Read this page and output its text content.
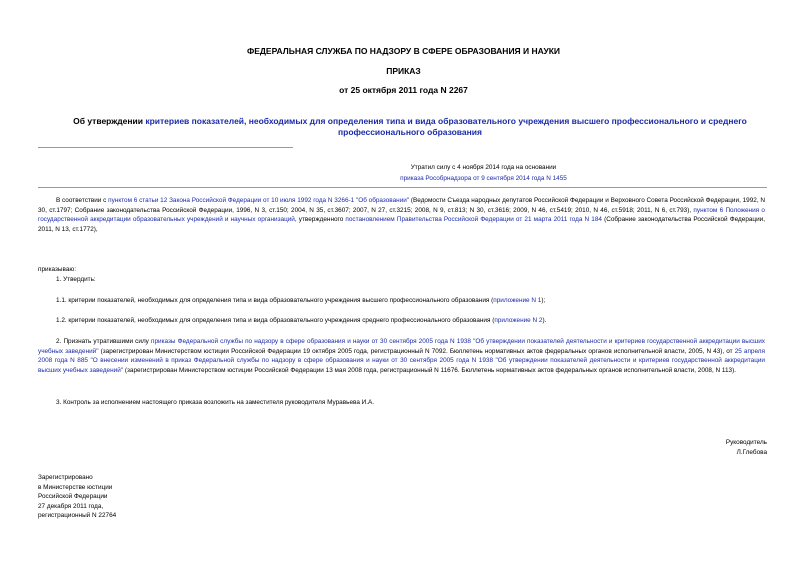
ФЕДЕРАЛЬНАЯ СЛУЖБА ПО НАДЗОРУ В СФЕРЕ ОБРАЗОВАНИЯ И НАУКИ
ПРИКАЗ
от 25 октября 2011 года N 2267
Об утверждении критериев показателей, необходимых для определения типа и вида образовательного учреждения высшего профессионального и среднего профессионального образования
Утратил силу с 4 ноября 2014 года на основании
приказа Рособрнадзора от 9 сентября 2014 года N 1455
В соответствии с пунктом 6 статьи 12 Закона Российской Федерации от 10 июля 1992 года N 3266-1 "Об образовании" (Ведомости Съезда народных депутатов Российской Федерации и Верховного Совета Российской Федерации, 1992, N 30, ст.1797; Собрание законодательства Российской Федерации, 1996, N 3, ст.150; 2004, N 35, ст.3607; 2007, N 27, ст.3215; 2008, N 9, ст.813; N 30, ст.3616; 2009, N 46, ст.5419; 2010, N 46, ст.5918; 2011, N 6, ст.793), пунктом 6 Положения о государственной аккредитации образовательных учреждений и научных организаций, утвержденного постановлением Правительства Российской Федерации от 21 марта 2011 года N 184 (Собрание законодательства Российской Федерации, 2011, N 13, ст.1772),
приказываю:
1. Утвердить:
1.1. критерии показателей, необходимых для определения типа и вида образовательного учреждения высшего профессионального образования (приложение N 1);
1.2. критерии показателей, необходимых для определения типа и вида образовательного учреждения среднего профессионального образования (приложение N 2).
2. Признать утратившими силу приказы Федеральной службы по надзору в сфере образования и науки от 30 сентября 2005 года N 1938 "Об утверждении показателей деятельности и критериев государственной аккредитации высших учебных заведений" (зарегистрирован Министерством юстиции Российской Федерации 19 октября 2005 года, регистрационный N 7092. Бюллетень нормативных актов федеральных органов исполнительной власти, 2005, N 43), от 25 апреля 2008 года N 885 "О внесении изменений в приказ Федеральной службы по надзору в сфере образования и науки от 30 сентября 2005 года N 1938 "Об утверждении показателей деятельности и критериев государственной аккредитации высших учебных заведений" (зарегистрирован Министерством юстиции Российской Федерации 13 мая 2008 года, регистрационный N 11676. Бюллетень нормативных актов федеральных органов исполнительной власти, 2008, N 113).
3. Контроль за исполнением настоящего приказа возложить на заместителя руководителя Муравьева И.А.
Руководитель
Л.Глебова
Зарегистрировано
в Министерстве юстиции
Российской Федерации
27 декабря 2011 года,
регистрационный N 22764
